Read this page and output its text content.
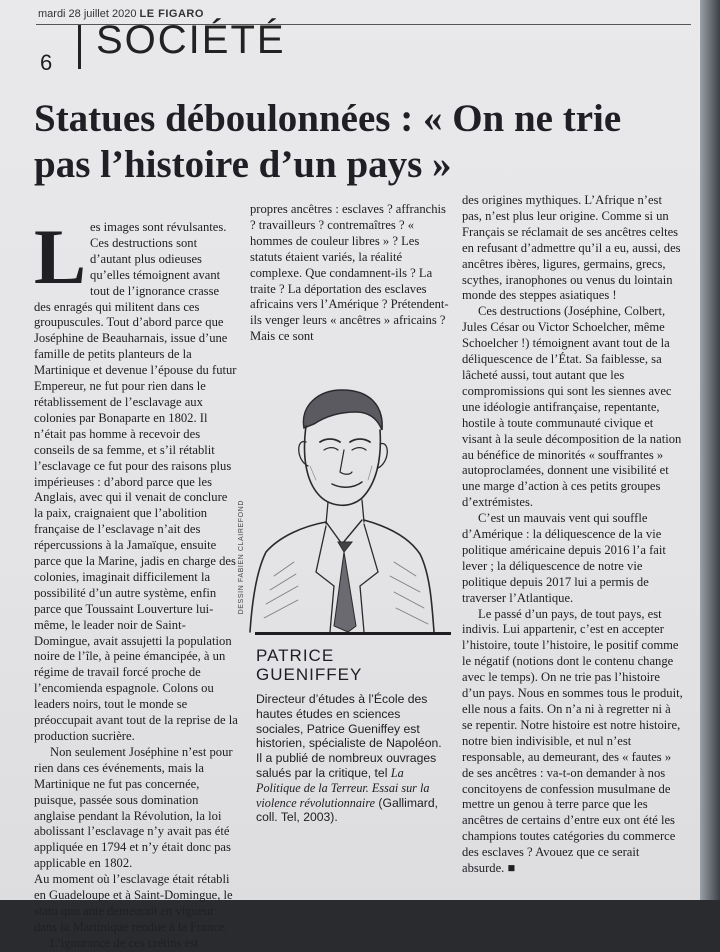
mardi 28 juillet 2020 LE FIGARO
6
SOCIÉTÉ
Statues déboulonnées : « On ne trie pas l’histoire d’un pays »

Les images sont révulsantes. Ces destructions sont d’autant plus odieuses qu’elles témoignent avant tout de l’ignorance crasse des enragés qui militent dans ces groupuscules. Tout d’abord parce que Joséphine de Beauharnais, issue d’une famille de petits planteurs de la Martinique et devenue l’épouse du futur Empereur, ne fut pour rien dans le rétablissement de l’esclavage aux colonies par Bonaparte en 1802. Il n’était pas homme à recevoir des conseils de sa femme, et s’il rétablit l’esclavage ce fut pour des raisons plus impérieuses : d’abord parce que les Anglais, avec qui il venait de conclure la paix, craignaient que l’abolition française de l’esclavage n’ait des répercussions à la Jamaïque, ensuite parce que la Marine, jadis en charge des colonies, imaginait difficilement la possibilité d’un autre système, enfin parce que Toussaint Louverture lui-même, le leader noir de Saint-Domingue, avait assujetti la population noire de l’île, à peine émancipée, à un régime de travail forcé proche de l’encomienda espagnole. Colons ou leaders noirs, tout le monde se préoccupait avant tout de la reprise de la production sucrière.

Non seulement Joséphine n’est pour rien dans ces événements, mais la Martinique ne fut pas concernée, puisque, passée sous domination anglaise pendant la Révolution, la loi abolissant l’esclavage n’y avait pas été appliquée en 1794 et n’y était donc pas applicable en 1802.

Au moment où l’esclavage était rétabli en Guadeloupe et à Saint-Domingue, le statu quo ante demeurait en vigueur dans la Martinique rendue à la France.

L’ignorance de ces crétins est

propres ancêtres : esclaves ? affranchis ? travailleurs ? contremaîtres ? « hommes de couleur libres » ? Les statuts étaient variés, la réalité complexe. Que condamnent-ils ? La traite ? La déportation des esclaves africains vers l’Amérique ? Prétendent-ils venger leurs « ancêtres » africains ? Mais ce sont

DESSIN FABIEN CLAIREFOND
PATRICE
GUENIFFEY
Directeur d’études à l’École des hautes études en sciences sociales, Patrice Gueniffey est historien, spécialiste de Napoléon. Il a publié de nombreux ouvrages salués par la critique, tel La Politique de la Terreur. Essai sur la violence révolutionnaire (Gallimard, coll. Tel, 2003).

des origines mythiques. L’Afrique n’est pas, n’est plus leur origine. Comme si un Français se réclamait de ses ancêtres celtes en refusant d’admettre qu’il a eu, aussi, des ancêtres ibères, ligures, germains, grecs, scythes, iranophones ou venus du lointain monde des steppes asiatiques !

Ces destructions (Joséphine, Colbert, Jules César ou Victor Schoelcher, même Schoelcher !) témoignent avant tout de la déliquescence de l’État. Sa faiblesse, sa lâcheté aussi, tout autant que les compromissions qui sont les siennes avec une idéologie antifrançaise, repentante, hostile à toute communauté civique et visant à la seule décomposition de la nation au bénéfice de minorités « souffrantes » autoproclamées, donnent une visibilité et une marge d’action à ces petits groupes d’extrémistes.

C’est un mauvais vent qui souffle d’Amérique : la déliquescence de la vie politique américaine depuis 2016 l’a fait lever ; la déliquescence de notre vie politique depuis 2017 lui a permis de traverser l’Atlantique.

Le passé d’un pays, de tout pays, est indivis. Lui appartenir, c’est en accepter l’histoire, toute l’histoire, le positif comme le négatif (notions dont le contenu change avec le temps). On ne trie pas l’histoire d’un pays. Nous en sommes tous le produit, elle nous a faits. On n’a ni à regretter ni à se repentir. Notre histoire est notre histoire, notre bien indivisible, et nul n’est responsable, au demeurant, des « fautes » de ses ancêtres : va-t-on demander à nos concitoyens de confession musulmane de mettre un genou à terre parce que les ancêtres de certains d’entre eux ont été les champions toutes catégories du commerce des esclaves ? Avouez que ce serait absurde. ■
